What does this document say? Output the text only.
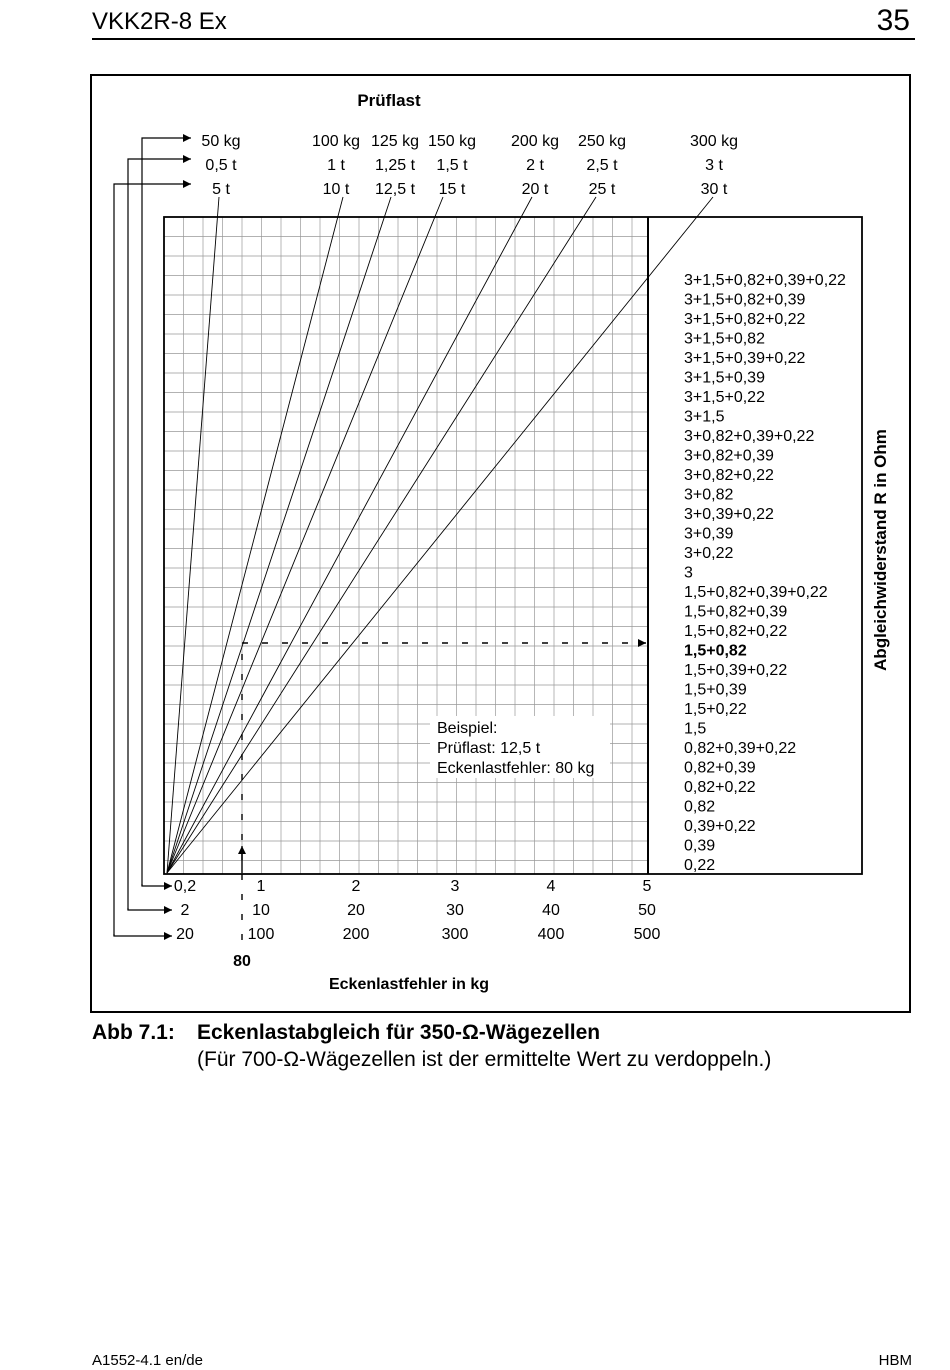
VKK2R-8 Ex	35
Prüflast
50 kg	100 kg 125 kg 150 kg 200 kg 250 kg	300 kg
0,5 t	1 t 1,25 t 1,5 t	2 t	2,5 t	3 t
5 t	10 t 12,5 t 15 t	20 t	25 t	30 t
0,2	1	2	3	4	5
2	10	20	30	40	50
20	100	200	300	400	500
3+1,5+0,82+0,39+0,22
3+1,5+0,82+0,39
3+1,5+0,82+0,22
3+1,5+0,82
3+1,5+0,39+0,22
3+1,5+0,39
3+1,5+0,22
3+1,5
3+0,82+0,39+0,22
3+0,82+0,39
3+0,82+0,22
3+0,82
3+0,39+0,22
3+0,39
3+0,22
3
1,5+0,82+0,39+0,22
1,5+0,82+0,39
1,5+0,82+0,22
1,5+0,82
1,5+0,39+0,22
1,5+0,39
1,5+0,22
1,5
0,82+0,39+0,22
0,82+0,39
0,82+0,22
0,82
0,39+0,22
0,39
0,22
80
Eckenlastfehler in kg
Abgleichwiderstand R in Ohm
Beispiel:
Prüflast: 12,5 t
Eckenlastfehler: 80 kg
Abb 7.1: Eckenlastabgleich für 350-Ω-Wägezellen
(Für 700-Ω-Wägezellen ist der ermittelte Wert zu verdoppeln.)
A1552-4.1 en/de	HBM
